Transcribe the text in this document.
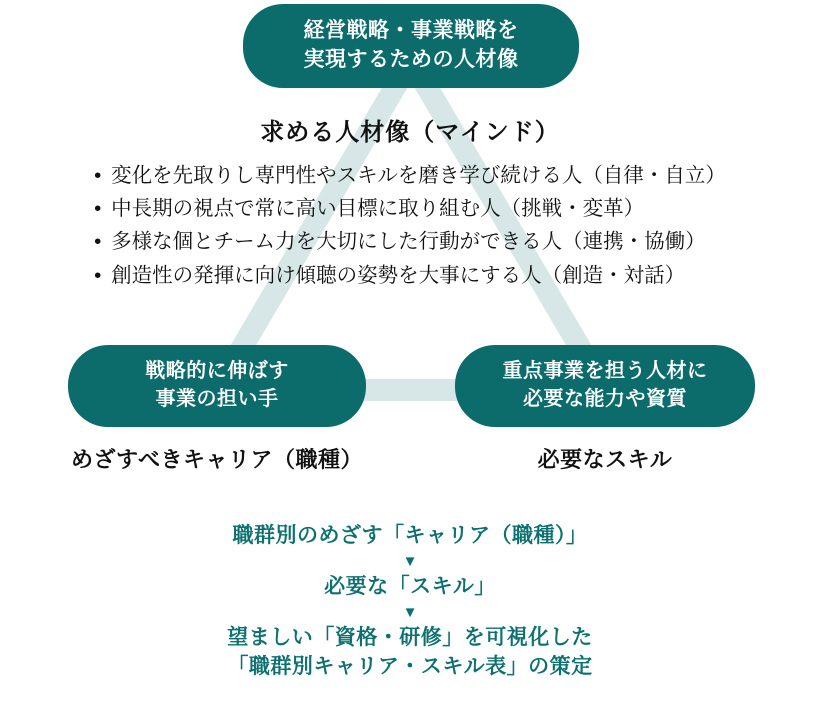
経営戦略・事業戦略を
実現するための人材像
求める人材像（マインド）
• 変化を先取りし専門性やスキルを磨き学び続ける人（自律・自立）
• 中長期の視点で常に高い目標に取り組む人（挑戦・変革）
• 多様な個とチーム力を大切にした行動ができる人（連携・協働）
• 創造性の発揮に向け傾聴の姿勢を大事にする人（創造・対話）
戦略的に伸ばす
事業の担い手
重点事業を担う人材に
必要な能力や資質
めざすべきキャリア（職種）	必要なスキル
職群別のめざす「キャリア（職種）」
▼
必要な「スキル」
▼
望ましい「資格・研修」を可視化した
「職群別キャリア・スキル表」の策定
